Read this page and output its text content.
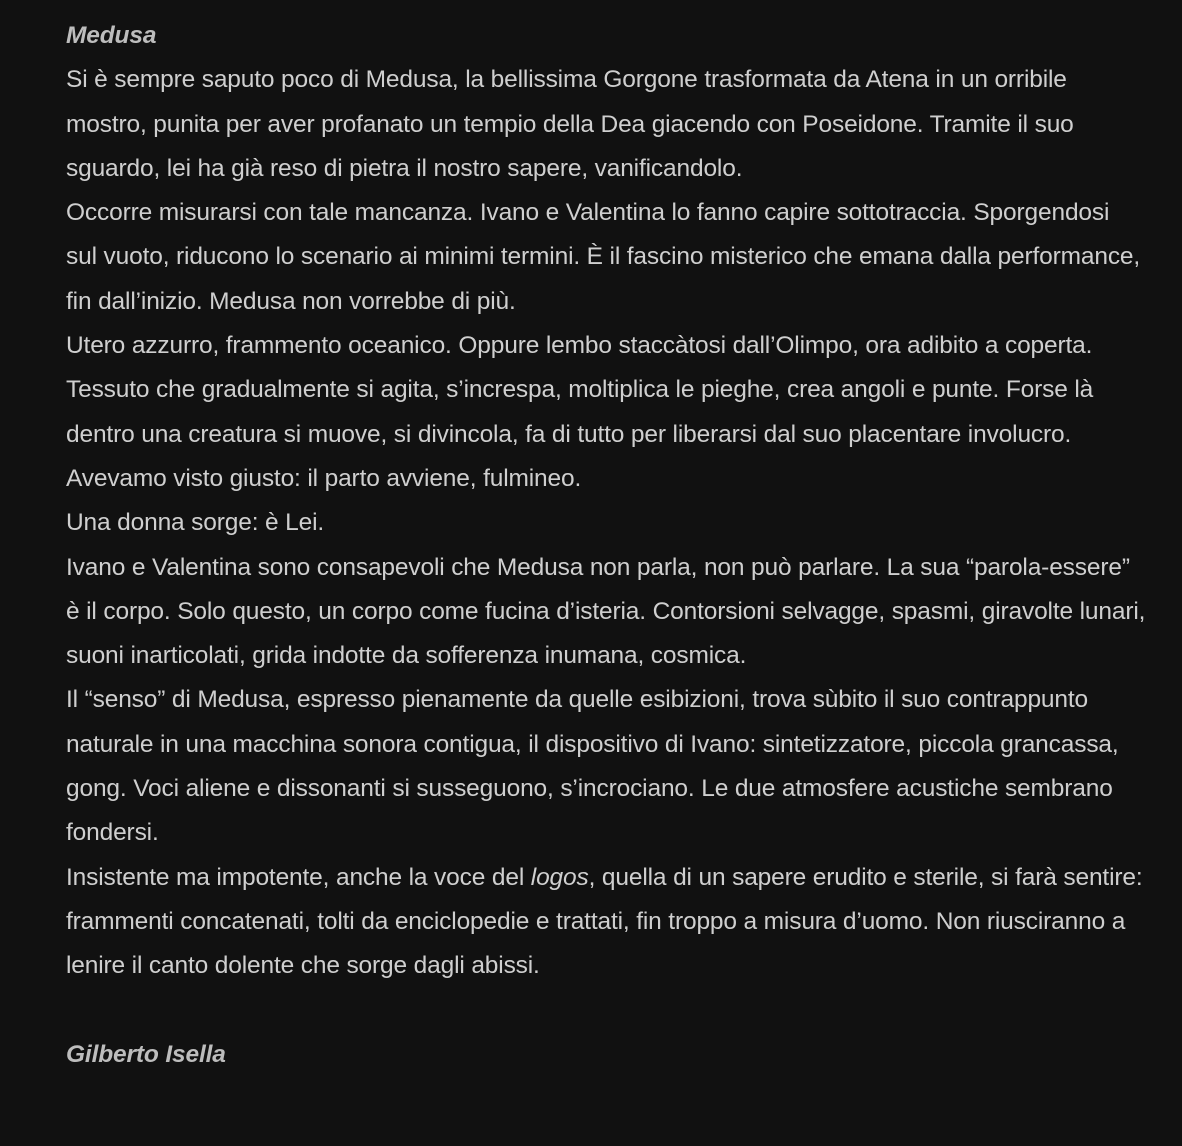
Medusa

Si è sempre saputo poco di Medusa, la bellissima Gorgone trasformata da Atena in un orribile mostro, punita per aver profanato un tempio della Dea giacendo con Poseidone. Tramite il suo sguardo, lei ha già reso di pietra il nostro sapere, vanificandolo.

Occorre misurarsi con tale mancanza. Ivano e Valentina lo fanno capire sottotraccia. Sporgendosi sul vuoto, riducono lo scenario ai minimi termini. È il fascino misterico che emana dalla performance, fin dall’inizio. Medusa non vorrebbe di più.

Utero azzurro, frammento oceanico. Oppure lembo staccàtosi dall’Olimpo, ora adibito a coperta. Tessuto che gradualmente si agita, s’increspa, moltiplica le pieghe, crea angoli e punte. Forse là dentro una creatura si muove, si divincola, fa di tutto per liberarsi dal suo placentare involucro. Avevamo visto giusto: il parto avviene, fulmineo.

Una donna sorge: è Lei.

Ivano e Valentina sono consapevoli che Medusa non parla, non può parlare. La sua “parola-essere” è il corpo. Solo questo, un corpo come fucina d’isteria. Contorsioni selvagge, spasmi, giravolte lunari, suoni inarticolati, grida indotte da sofferenza inumana, cosmica.

Il “senso” di Medusa, espresso pienamente da quelle esibizioni, trova sùbito il suo contrappunto naturale in una macchina sonora contigua, il dispositivo di Ivano: sintetizzatore, piccola grancassa, gong. Voci aliene e dissonanti si susseguono, s’incrociano. Le due atmosfere acustiche sembrano fondersi.

Insistente ma impotente, anche la voce del logos, quella di un sapere erudito e sterile, si farà sentire: frammenti concatenati, tolti da enciclopedie e trattati, fin troppo a misura d’uomo. Non riusciranno a lenire il canto dolente che sorge dagli abissi.

Gilberto Isella
